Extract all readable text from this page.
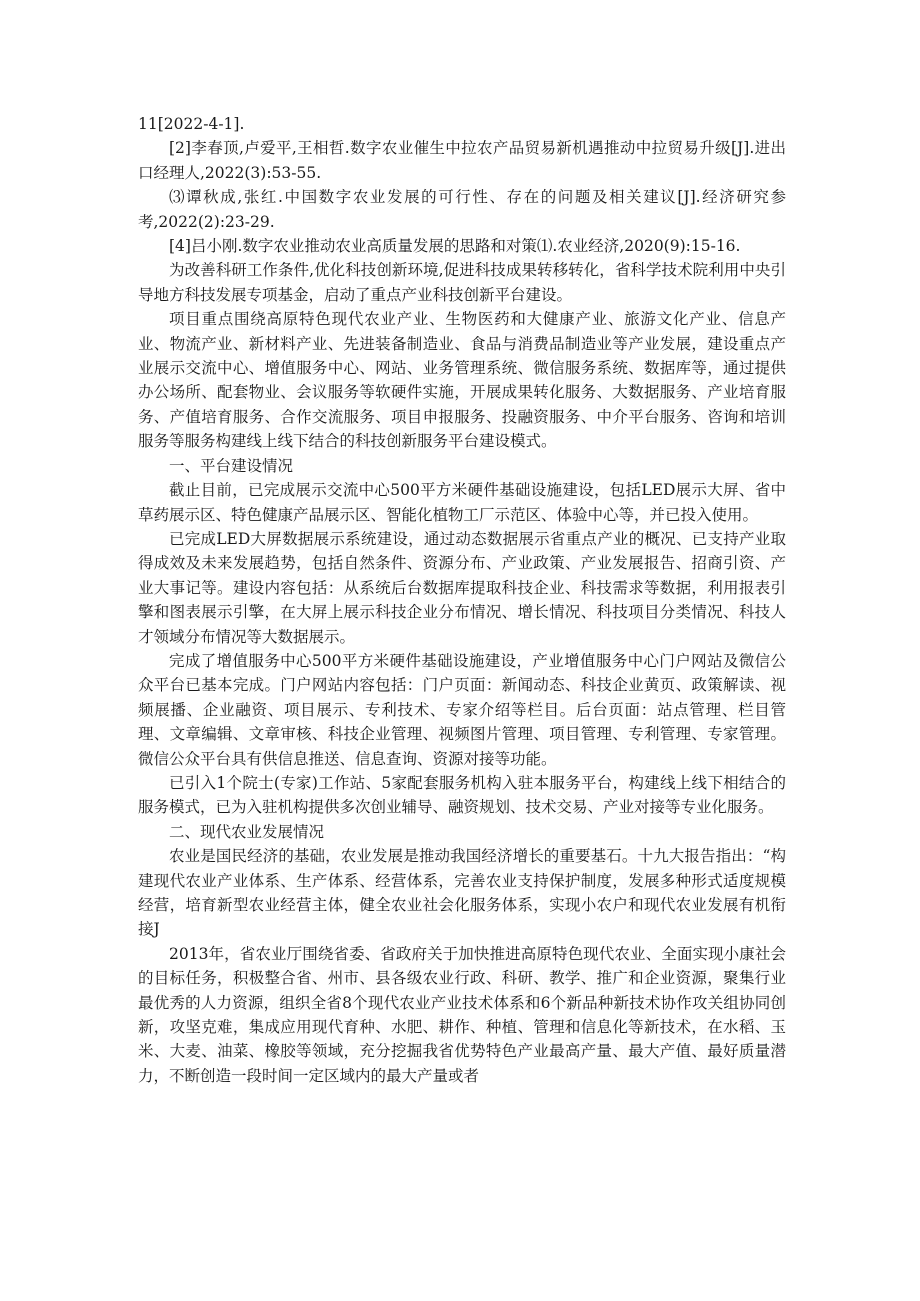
11[2022-4-1].

[2]李春顶,卢爱平,王相哲.数字农业催生中拉农产品贸易新机遇推动中拉贸易升级[J].进出口经理人,2022(3):53-55.

⑶谭秋成,张红.中国数字农业发展的可行性、存在的问题及相关建议[J].经济研究参考,2022(2):23-29.

[4]吕小刚.数字农业推动农业高质量发展的思路和对策⑴.农业经济,2020(9):15-16.

为改善科研工作条件,优化科技创新环境,促进科技成果转移转化，省科学技术院利用中央引导地方科技发展专项基金，启动了重点产业科技创新平台建设。

项目重点围绕高原特色现代农业产业、生物医药和大健康产业、旅游文化产业、信息产业、物流产业、新材料产业、先进装备制造业、食品与消费品制造业等产业发展，建设重点产业展示交流中心、增值服务中心、网站、业务管理系统、微信服务系统、数据库等，通过提供办公场所、配套物业、会议服务等软硬件实施，开展成果转化服务、大数据服务、产业培育服务、产值培育服务、合作交流服务、项目申报服务、投融资服务、中介平台服务、咨询和培训服务等服务构建线上线下结合的科技创新服务平台建设模式。

一、平台建设情况

截止目前，已完成展示交流中心500平方米硬件基础设施建设，包括LED展示大屏、省中草药展示区、特色健康产品展示区、智能化植物工厂示范区、体验中心等，并已投入使用。

已完成LED大屏数据展示系统建设，通过动态数据展示省重点产业的概况、已支持产业取得成效及未来发展趋势，包括自然条件、资源分布、产业政策、产业发展报告、招商引资、产业大事记等。建设内容包括：从系统后台数据库提取科技企业、科技需求等数据，利用报表引擎和图表展示引擎，在大屏上展示科技企业分布情况、增长情况、科技项目分类情况、科技人才领域分布情况等大数据展示。

完成了增值服务中心500平方米硬件基础设施建设，产业增值服务中心门户网站及微信公众平台已基本完成。门户网站内容包括：门户页面：新闻动态、科技企业黄页、政策解读、视频展播、企业融资、项目展示、专利技术、专家介绍等栏目。后台页面：站点管理、栏目管理、文章编辑、文章审核、科技企业管理、视频图片管理、项目管理、专利管理、专家管理。微信公众平台具有供信息推送、信息查询、资源对接等功能。

已引入1个院士(专家)工作站、5家配套服务机构入驻本服务平台，构建线上线下相结合的服务模式，已为入驻机构提供多次创业辅导、融资规划、技术交易、产业对接等专业化服务。

二、现代农业发展情况

农业是国民经济的基础，农业发展是推动我国经济增长的重要基石。十九大报告指出：“构建现代农业产业体系、生产体系、经营体系，完善农业支持保护制度，发展多种形式适度规模经营，培育新型农业经营主体，健全农业社会化服务体系，实现小农户和现代农业发展有机衔接J

2013年，省农业厅围绕省委、省政府关于加快推进高原特色现代农业、全面实现小康社会的目标任务，积极整合省、州市、县各级农业行政、科研、教学、推广和企业资源，聚集行业最优秀的人力资源，组织全省8个现代农业产业技术体系和6个新品种新技术协作攻关组协同创新，攻坚克难，集成应用现代育种、水肥、耕作、种植、管理和信息化等新技术，在水稻、玉米、大麦、油菜、橡胶等领域，充分挖掘我省优势特色产业最高产量、最大产值、最好质量潜力，不断创造一段时间一定区域内的最大产量或者
